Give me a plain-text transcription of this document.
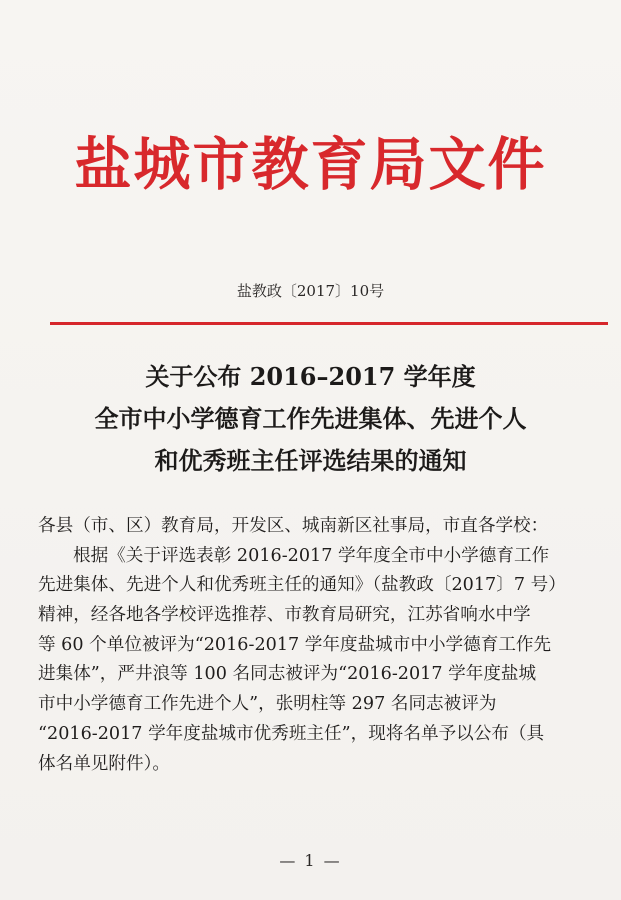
盐城市教育局文件
盐教政〔2017〕10号
关于公布 2016–2017 学年度
全市中小学德育工作先进集体、先进个人
和优秀班主任评选结果的通知
各县（市、区）教育局，开发区、城南新区社事局，市直各学校：
根据《关于评选表彰 2016-2017 学年度全市中小学德育工作
先进集体、先进个人和优秀班主任的通知》（盐教政〔2017〕7 号）
精神，经各地各学校评选推荐、市教育局研究，江苏省响水中学
等 60 个单位被评为“2016-2017 学年度盐城市中小学德育工作先
进集体”，严井浪等 100 名同志被评为“2016-2017 学年度盐城
市中小学德育工作先进个人”，张明柱等 297 名同志被评为
“2016-2017 学年度盐城市优秀班主任”，现将名单予以公布（具
体名单见附件）。
— 1 —
